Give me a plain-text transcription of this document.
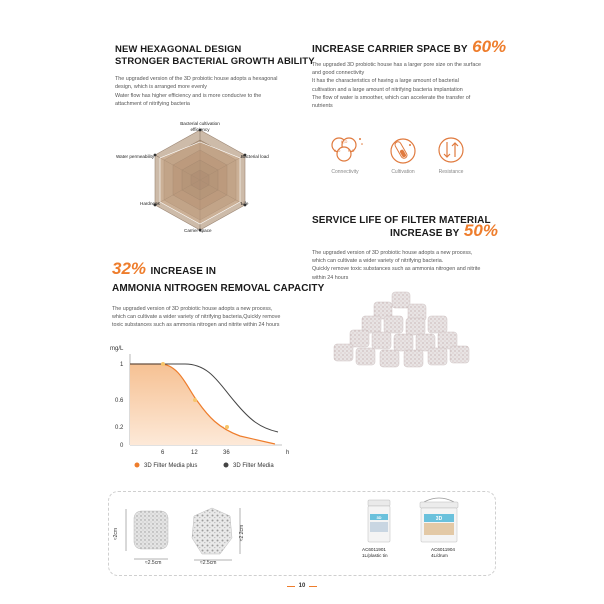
NEW HEXAGONAL DESIGN
STRONGER BACTERIAL GROWTH ABILITY
The upgraded version of the 3D probiotic house adopts a hexagonal design, which is arranged more evenly
Water flow has higher efficiency and is more conducive to the attachment of nitrifying bacteria
Bacterial cultivation efficiency
Bacterial load
Life
Carrier space
Hardness
Water permeability
INCREASE CARRIER SPACE BY 60%
The upgraded 3D probiotic house has a larger pore size on the surface
and good connectivity
It has the characteristics of having a large amount of bacterial
cultivation and a large amount of nitrifying bacteria implantation
The flow of water is smoother, which can accelerate the transfer of
nutrients
H₂O
H₂O H₂O
Connectivity	Cultivation	Resistance
SERVICE LIFE OF FILTER MATERIAL
INCREASE BY 50%
The upgraded version of 3D probiotic house adopts a new process,
which can cultivate a wider variety of nitrifying bacteria.
Quickly remove toxic substances such as ammonia nitrogen and nitrite
within 24 hours
32% INCREASE IN
AMMONIA NITROGEN REMOVAL CAPACITY
The upgraded version of 3D probiotic house adopts a new process,
which can cultivate a wider variety of nitrifying bacteria,Quickly remove
toxic substances such as ammonia nitrogen and nitrite within 24 hours
mg/L
1
0.6
0.2
0
6	12	36	h
3D Filter Media plus	3D Filter Media
≈2cm
≈2.5cm
≈2.2cm
≈2.5cm
3D
AC6011901
1L/plastic tin
3D
AC6011904
4L/drum
10
